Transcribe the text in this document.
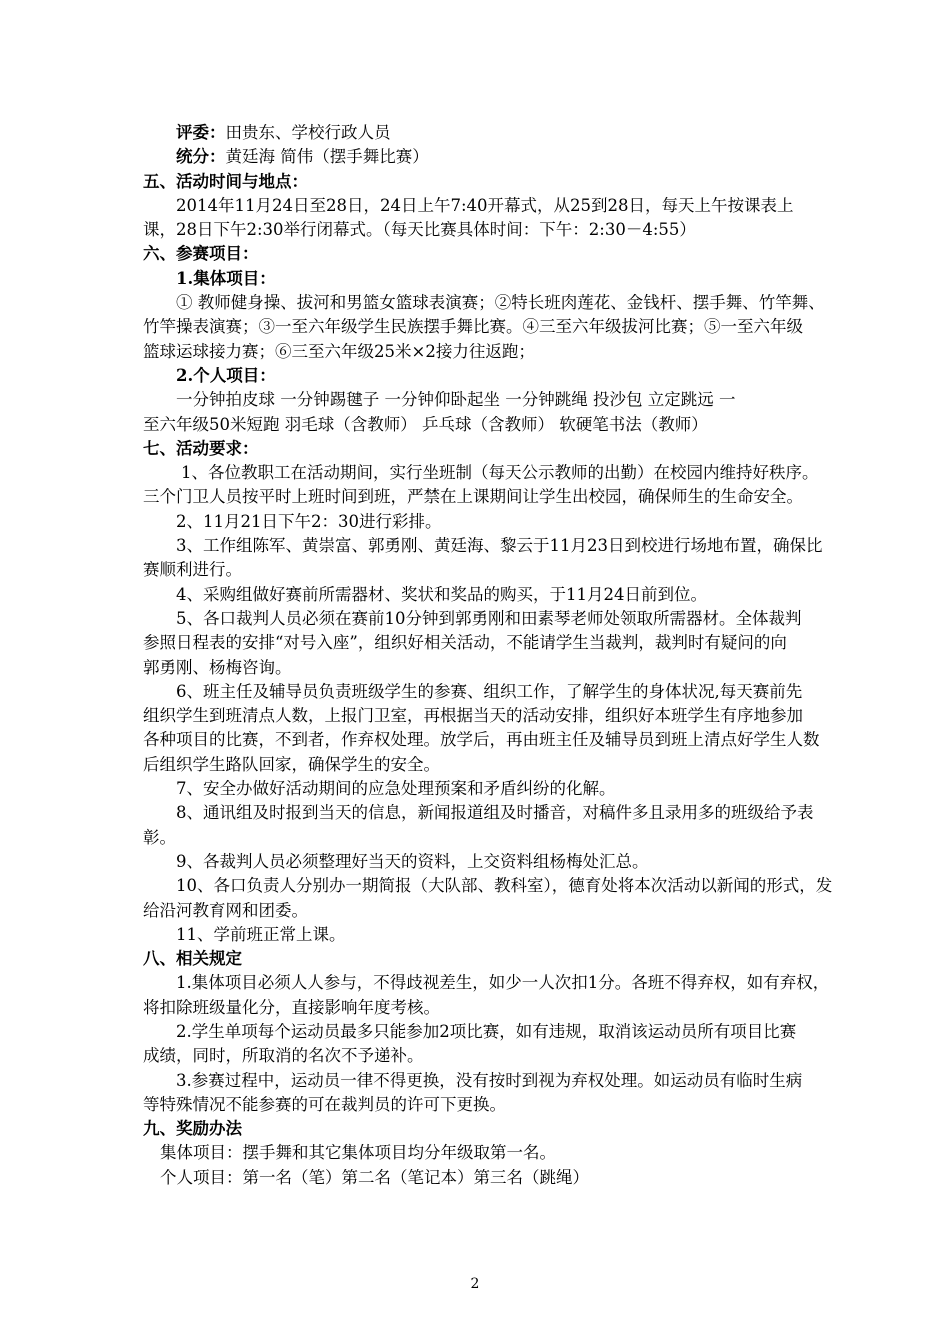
评委：田贵东、学校行政人员
统分：黄廷海 简伟（摆手舞比赛）
五、活动时间与地点：
2014年11月24日至28日，24日上午7:40开幕式，从25到28日，每天上午按课表上
课，28日下午2:30举行闭幕式。（每天比赛具体时间：下午：2:30－4:55）
六、参赛项目：
1.集体项目：
① 教师健身操、拔河和男篮女篮球表演赛；②特长班肉莲花、金钱杆、摆手舞、竹竿舞、
竹竿操表演赛；③一至六年级学生民族摆手舞比赛。④三至六年级拔河比赛；⑤一至六年级
篮球运球接力赛；⑥三至六年级25米×2接力往返跑；
2.个人项目：
一分钟拍皮球 一分钟踢毽子 一分钟仰卧起坐 一分钟跳绳 投沙包 立定跳远 一
至六年级50米短跑 羽毛球（含教师） 乒乓球（含教师） 软硬笔书法（教师）
七、活动要求：
1、各位教职工在活动期间，实行坐班制（每天公示教师的出勤）在校园内维持好秩序。
三个门卫人员按平时上班时间到班，严禁在上课期间让学生出校园，确保师生的生命安全。
2、11月21日下午2：30进行彩排。
3、工作组陈军、黄崇富、郭勇刚、黄廷海、黎云于11月23日到校进行场地布置，确保比
赛顺利进行。
4、采购组做好赛前所需器材、奖状和奖品的购买，于11月24日前到位。
5、各口裁判人员必须在赛前10分钟到郭勇刚和田素琴老师处领取所需器材。全体裁判
参照日程表的安排“对号入座”，组织好相关活动，不能请学生当裁判，裁判时有疑问的向
郭勇刚、杨梅咨询。
6、班主任及辅导员负责班级学生的参赛、组织工作，了解学生的身体状况,每天赛前先
组织学生到班清点人数，上报门卫室，再根据当天的活动安排，组织好本班学生有序地参加
各种项目的比赛，不到者，作弃权处理。放学后，再由班主任及辅导员到班上清点好学生人数
后组织学生路队回家，确保学生的安全。
7、安全办做好活动期间的应急处理预案和矛盾纠纷的化解。
8、通讯组及时报到当天的信息，新闻报道组及时播音，对稿件多且录用多的班级给予表
彰。
9、各裁判人员必须整理好当天的资料，上交资料组杨梅处汇总。
10、各口负责人分别办一期简报（大队部、教科室），德育处将本次活动以新闻的形式，发
给沿河教育网和团委。
11、学前班正常上课。
八、相关规定
1.集体项目必须人人参与，不得歧视差生，如少一人次扣1分。各班不得弃权，如有弃权，
将扣除班级量化分，直接影响年度考核。
2.学生单项每个运动员最多只能参加2项比赛，如有违规，取消该运动员所有项目比赛
成绩，同时，所取消的名次不予递补。
3.参赛过程中，运动员一律不得更换，没有按时到视为弃权处理。如运动员有临时生病
等特殊情况不能参赛的可在裁判员的许可下更换。
九、奖励办法
集体项目：摆手舞和其它集体项目均分年级取第一名。
个人项目：第一名（笔）第二名（笔记本）第三名（跳绳）
2
